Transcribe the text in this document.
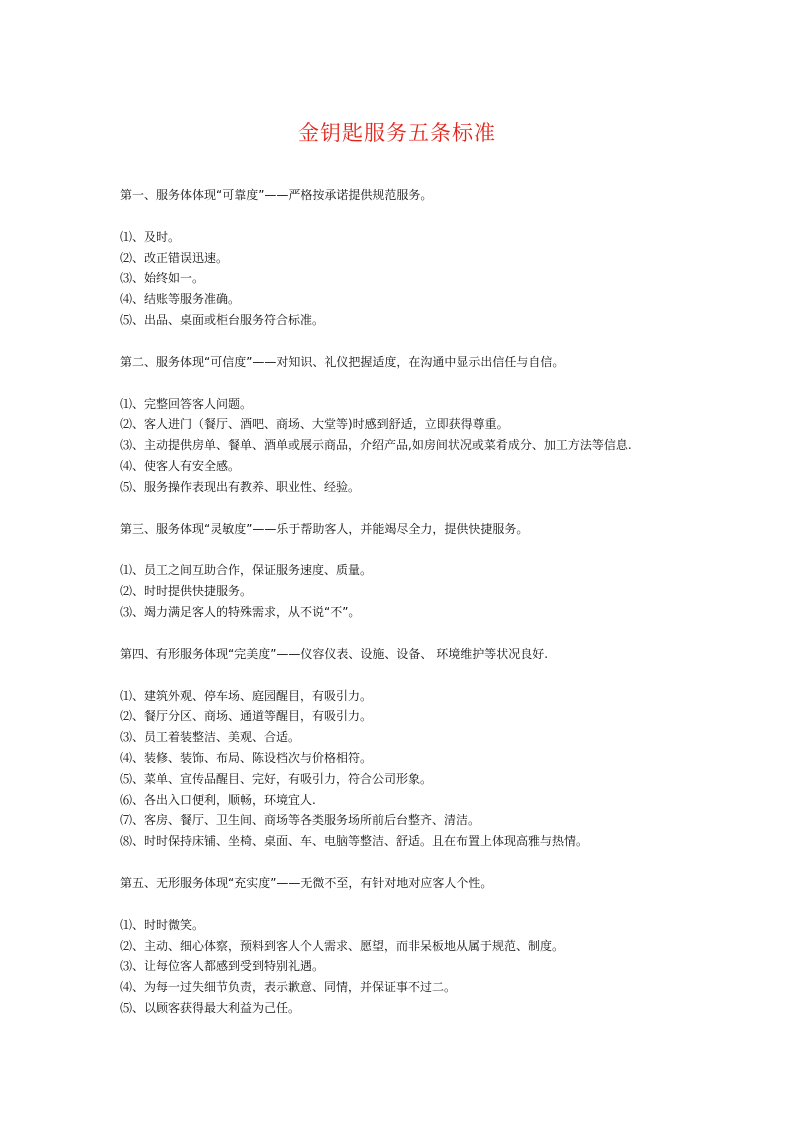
金钥匙服务五条标准
第一、服务体体现“可靠度”——严格按承诺提供规范服务。
⑴、及时。
⑵、改正错误迅速。
⑶、始终如一。
⑷、结账等服务准确。
⑸、出品、桌面或柜台服务符合标准。
第二、服务体现“可信度”——对知识、礼仪把握适度，在沟通中显示出信任与自信。
⑴、完整回答客人问题。
⑵、客人进门（餐厅、酒吧、商场、大堂等)时感到舒适，立即获得尊重。
⑶、主动提供房单、餐单、酒单或展示商品，介绍产品,如房间状况或菜肴成分、加工方法等信息.
⑷、使客人有安全感。
⑸、服务操作表现出有教养、职业性、经验。
第三、服务体现“灵敏度”——乐于帮助客人，并能竭尽全力，提供快捷服务。
⑴、员工之间互助合作，保证服务速度、质量。
⑵、时时提供快捷服务。
⑶、竭力满足客人的特殊需求，从不说“不”。
第四、有形服务体现“完美度”——仪容仪表、设施、设备、 环境维护等状况良好.
⑴、建筑外观、停车场、庭园醒目，有吸引力。
⑵、餐厅分区、商场、通道等醒目，有吸引力。
⑶、员工着装整洁、美观、合适。
⑷、装修、装饰、布局、陈设档次与价格相符。
⑸、菜单、宣传品醒目、完好，有吸引力，符合公司形象。
⑹、各出入口便利，顺畅，环境宜人.
⑺、客房、餐厅、卫生间、商场等各类服务场所前后台整齐、清洁。
⑻、时时保持床铺、坐椅、桌面、车、电脑等整洁、舒适。且在布置上体现高雅与热情。
第五、无形服务体现“充实度”——无微不至，有针对地对应客人个性。
⑴、时时微笑。
⑵、主动、细心体察，预料到客人个人需求、愿望，而非呆板地从属于规范、制度。
⑶、让每位客人都感到受到特别礼遇。
⑷、为每一过失细节负责，表示歉意、同情，并保证事不过二。
⑸、以顾客获得最大利益为己任。
